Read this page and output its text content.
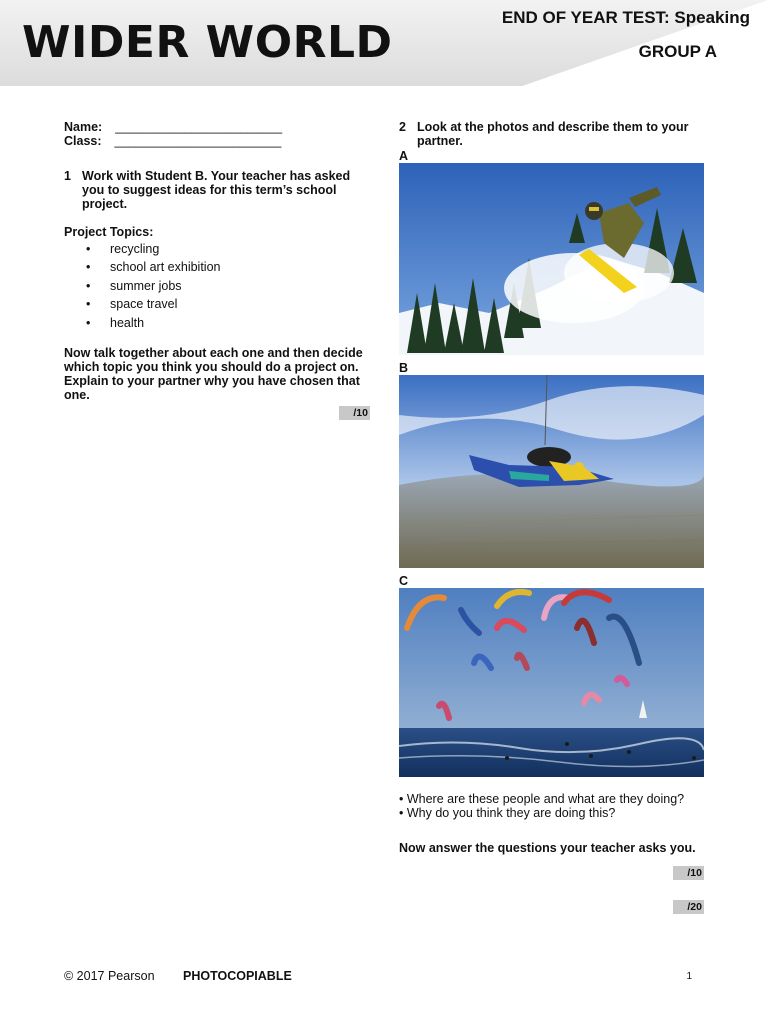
WIDER WORLD	END OF YEAR TEST: Speaking
GROUP A
Name: ________________________
Class: ________________________
1 Work with Student B. Your teacher has asked you to suggest ideas for this term’s school project.
Project Topics:
• recycling
• school art exhibition
• summer jobs
• space travel
• health
Now talk together about each one and then decide which topic you think you should do a project on.
Explain to your partner why you have chosen that one.
/10
2 Look at the photos and describe them to your partner.
A
B
C
• Where are these people and what are they doing?
• Why do you think they are doing this?
Now answer the questions your teacher asks you.
/10
/20
© 2017 Pearson PHOTOCOPIABLE	1
